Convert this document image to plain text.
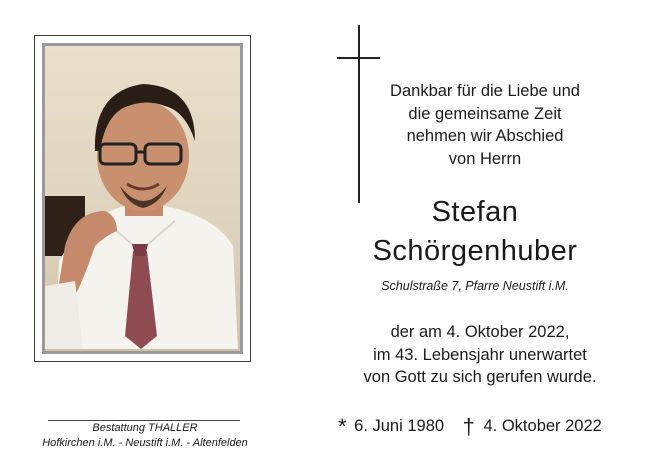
Dankbar für die Liebe und
die gemeinsame Zeit
nehmen wir Abschied
von Herrn
Stefan
Schörgenhuber
Schulstraße 7, Pfarre Neustift i.M.
der am 4. Oktober 2022,
im 43. Lebensjahr unerwartet
von Gott zu sich gerufen wurde.
* 6. Juni 1980 † 4. Oktober 2022
Bestattung THALLER
Hofkirchen i.M. - Neustift i.M. - Altenfelden
